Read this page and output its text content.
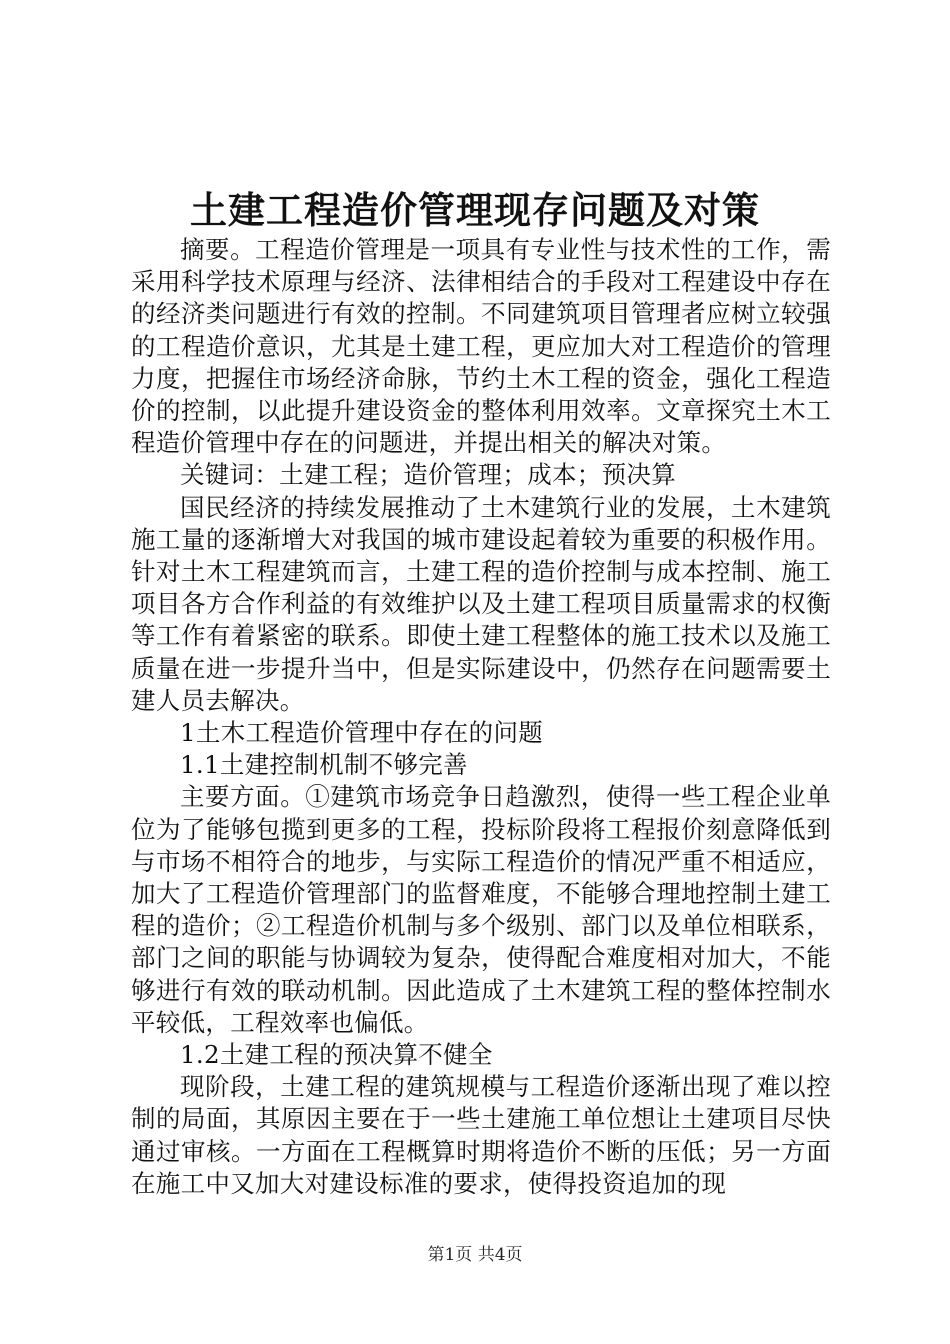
土建工程造价管理现存问题及对策

摘要。工程造价管理是一项具有专业性与技术性的工作，需采用科学技术原理与经济、法律相结合的手段对工程建设中存在的经济类问题进行有效的控制。不同建筑项目管理者应树立较强的工程造价意识，尤其是土建工程，更应加大对工程造价的管理力度，把握住市场经济命脉，节约土木工程的资金，强化工程造价的控制，以此提升建设资金的整体利用效率。文章探究土木工程造价管理中存在的问题进，并提出相关的解决对策。

关键词：土建工程；造价管理；成本；预决算

国民经济的持续发展推动了土木建筑行业的发展，土木建筑施工量的逐渐增大对我国的城市建设起着较为重要的积极作用。针对土木工程建筑而言，土建工程的造价控制与成本控制、施工项目各方合作利益的有效维护以及土建工程项目质量需求的权衡等工作有着紧密的联系。即使土建工程整体的施工技术以及施工质量在进一步提升当中，但是实际建设中，仍然存在问题需要土建人员去解决。

1土木工程造价管理中存在的问题

1.1土建控制机制不够完善

主要方面。①建筑市场竞争日趋激烈，使得一些工程企业单位为了能够包揽到更多的工程，投标阶段将工程报价刻意降低到与市场不相符合的地步，与实际工程造价的情况严重不相适应，加大了工程造价管理部门的监督难度，不能够合理地控制土建工程的造价；②工程造价机制与多个级别、部门以及单位相联系，部门之间的职能与协调较为复杂，使得配合难度相对加大，不能够进行有效的联动机制。因此造成了土木建筑工程的整体控制水平较低，工程效率也偏低。

1.2土建工程的预决算不健全

现阶段，土建工程的建筑规模与工程造价逐渐出现了难以控制的局面，其原因主要在于一些土建施工单位想让土建项目尽快通过审核。一方面在工程概算时期将造价不断的压低；另一方面在施工中又加大对建设标准的要求，使得投资追加的现

第1页 共4页
